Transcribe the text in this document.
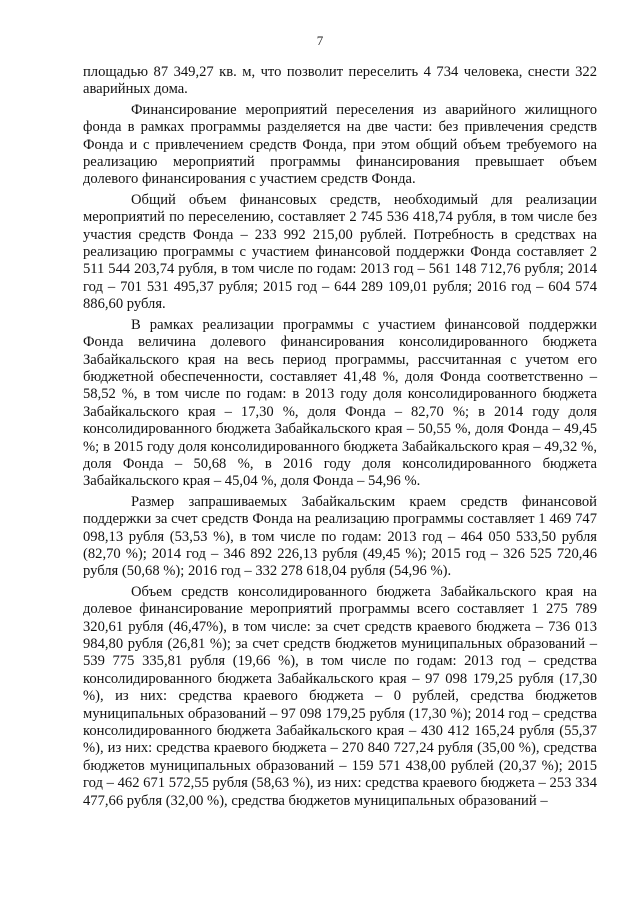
7

площадью 87 349,27 кв. м, что позволит переселить 4 734 человека, снести 322 аварийных дома.

Финансирование мероприятий переселения из аварийного жилищного фонда в рамках программы разделяется на две части: без привлечения средств Фонда и с привлечением средств Фонда, при этом общий объем требуемого на реализацию мероприятий программы финансирования превышает объем долевого финансирования с участием средств Фонда.

Общий объем финансовых средств, необходимый для реализации мероприятий по переселению, составляет 2 745 536 418,74 рубля, в том числе без участия средств Фонда – 233 992 215,00 рублей. Потребность в средствах на реализацию программы с участием финансовой поддержки Фонда составляет 2 511 544 203,74 рубля, в том числе по годам: 2013 год – 561 148 712,76 рубля; 2014 год – 701 531 495,37 рубля; 2015 год – 644 289 109,01 рубля; 2016 год – 604 574 886,60 рубля.

В рамках реализации программы с участием финансовой поддержки Фонда величина долевого финансирования консолидированного бюджета Забайкальского края на весь период программы, рассчитанная с учетом его бюджетной обеспеченности, составляет 41,48 %, доля Фонда соответственно – 58,52 %, в том числе по годам: в 2013 году доля консолидированного бюджета Забайкальского края – 17,30 %, доля Фонда – 82,70 %; в 2014 году доля консолидированного бюджета Забайкальского края – 50,55 %, доля Фонда – 49,45 %; в 2015 году доля консолидированного бюджета Забайкальского края – 49,32 %, доля Фонда – 50,68 %, в 2016 году доля консолидированного бюджета Забайкальского края – 45,04 %, доля Фонда – 54,96 %.

Размер запрашиваемых Забайкальским краем средств финансовой поддержки за счет средств Фонда на реализацию программы составляет 1 469 747 098,13 рубля (53,53 %), в том числе по годам: 2013 год – 464 050 533,50 рубля (82,70 %); 2014 год – 346 892 226,13 рубля (49,45 %); 2015 год – 326 525 720,46 рубля (50,68 %); 2016 год – 332 278 618,04 рубля (54,96 %).

Объем средств консолидированного бюджета Забайкальского края на долевое финансирование мероприятий программы всего составляет 1 275 789 320,61 рубля (46,47%), в том числе: за счет средств краевого бюджета – 736 013 984,80 рубля (26,81 %); за счет средств бюджетов муниципальных образований – 539 775 335,81 рубля (19,66 %), в том числе по годам: 2013 год – средства консолидированного бюджета Забайкальского края – 97 098 179,25 рубля (17,30 %), из них: средства краевого бюджета – 0 рублей, средства бюджетов муниципальных образований – 97 098 179,25 рубля (17,30 %); 2014 год – средства консолидированного бюджета Забайкальского края – 430 412 165,24 рубля (55,37 %), из них: средства краевого бюджета – 270 840 727,24 рубля (35,00 %), средства бюджетов муниципальных образований – 159 571 438,00 рублей (20,37 %); 2015 год – 462 671 572,55 рубля (58,63 %), из них: средства краевого бюджета – 253 334 477,66 рубля (32,00 %), средства бюджетов муниципальных образований –
